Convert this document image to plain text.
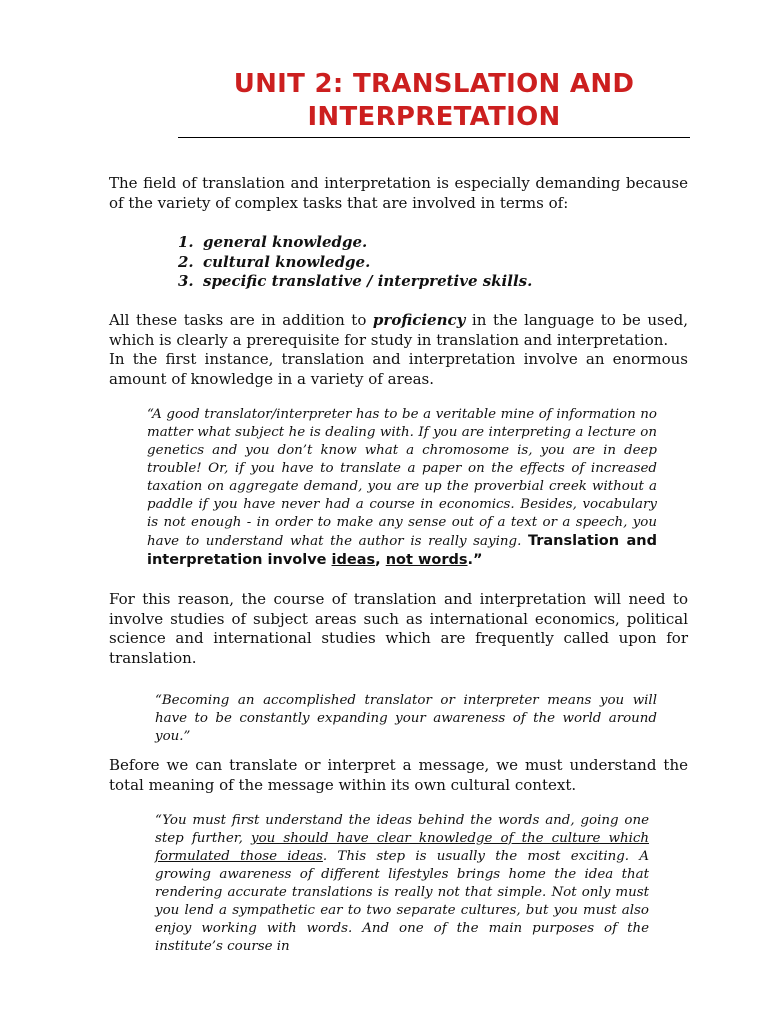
UNIT 2: TRANSLATION AND
INTERPRETATION

The field of translation and interpretation is especially demanding because of the variety of complex tasks that are involved in terms of:

1. general knowledge.
2. cultural knowledge.
3. specific translative / interpretive skills.

All these tasks are in addition to proficiency in the language to be used, which is clearly a prerequisite for study in translation and interpretation.

In the first instance, translation and interpretation involve an enormous amount of knowledge in a variety of areas.

“A good translator/interpreter has to be a veritable mine of information no matter what subject he is dealing with. If you are interpreting a lecture on genetics and you don’t know what a chromosome is, you are in deep trouble! Or, if you have to translate a paper on the effects of increased taxation on aggregate demand, you are up the proverbial creek without a paddle if you have never had a course in economics. Besides, vocabulary is not enough - in order to make any sense out of a text or a speech, you have to understand what the author is really saying. Translation and interpretation involve ideas, not words.”

For this reason, the course of translation and interpretation will need to involve studies of subject areas such as international economics, political science and international studies which are frequently called upon for translation.

“Becoming an accomplished translator or interpreter means you will have to be constantly expanding your awareness of the world around you.”

Before we can translate or interpret a message, we must understand the total meaning of the message within its own cultural context.

“You must first understand the ideas behind the words and, going one step further, you should have clear knowledge of the culture which formulated those ideas. This step is usually the most exciting. A growing awareness of different lifestyles brings home the idea that rendering accurate translations is really not that simple. Not only must you lend a sympathetic ear to two separate cultures, but you must also enjoy working with words. And one of the main purposes of the institute’s course in
